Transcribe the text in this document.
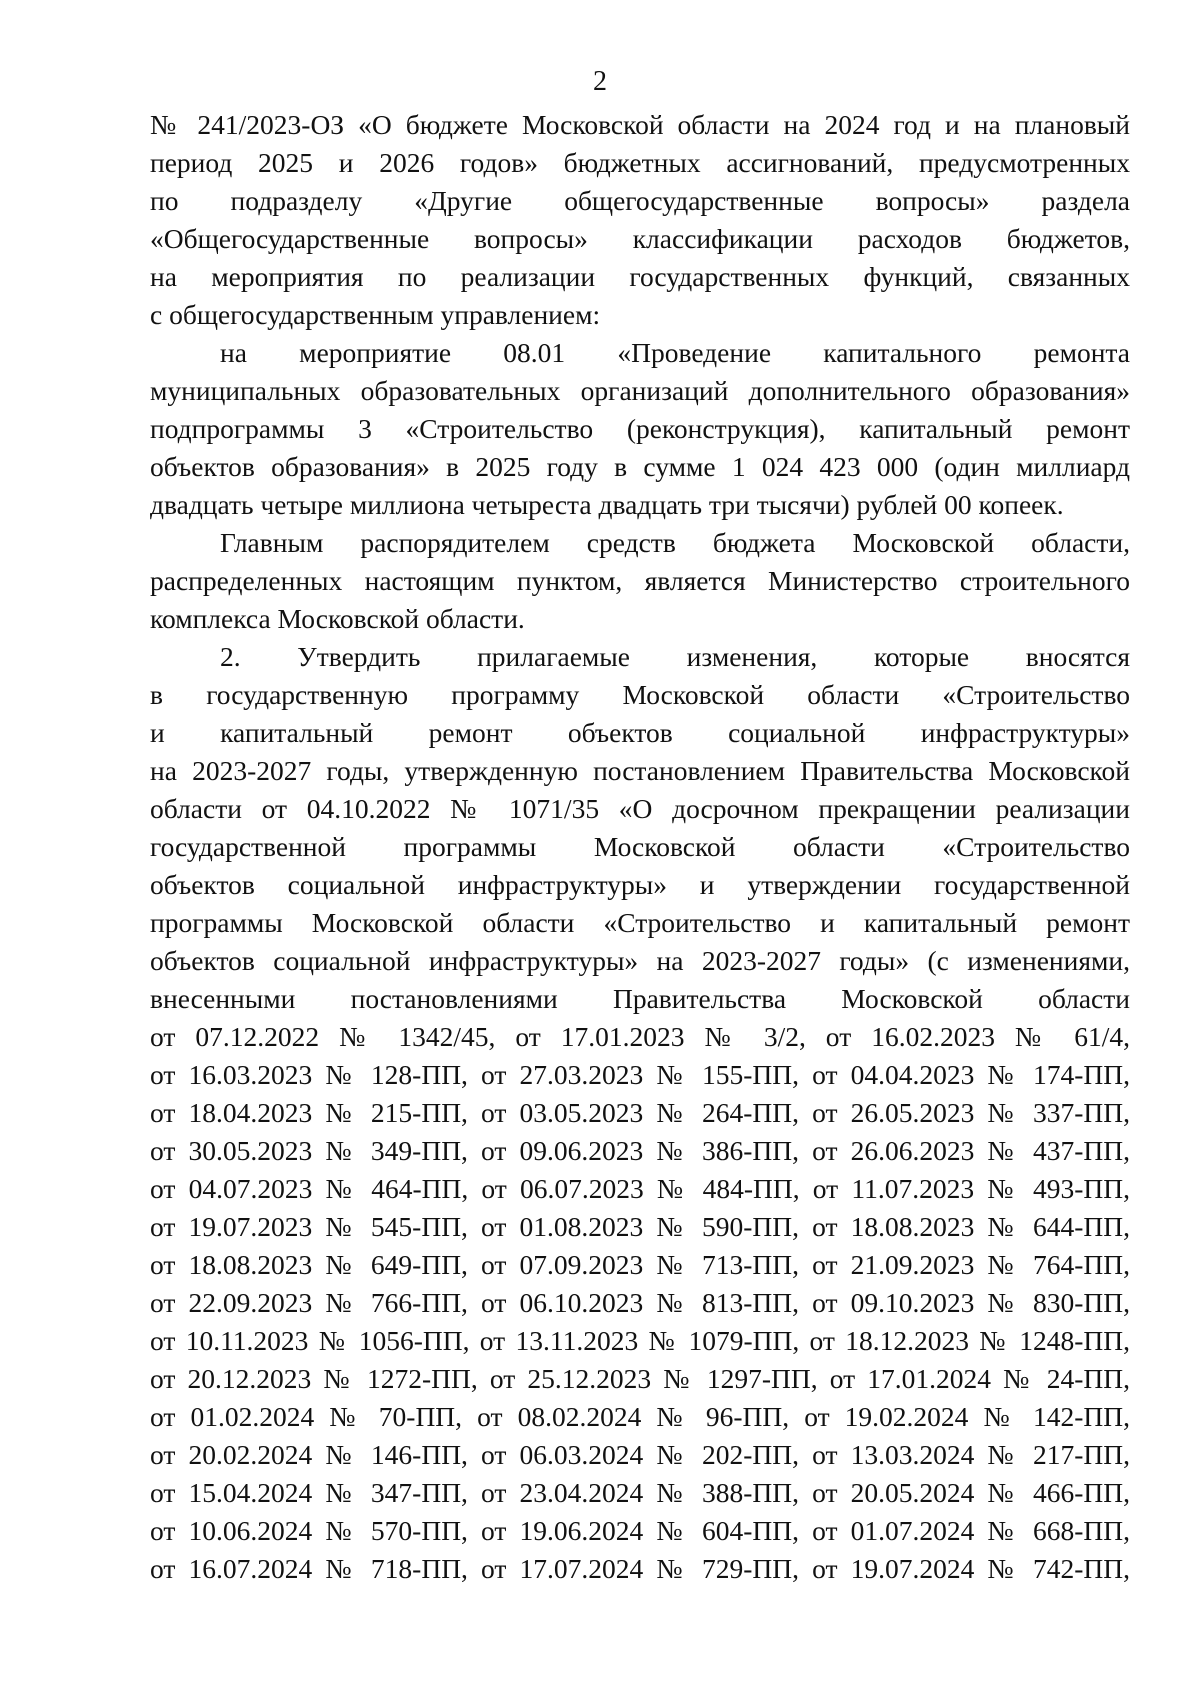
2

№ 241/2023-ОЗ «О бюджете Московской области на 2024 год и на плановый
период 2025 и 2026 годов» бюджетных ассигнований, предусмотренных
по подразделу «Другие общегосударственные вопросы» раздела
«Общегосударственные вопросы» классификации расходов бюджетов,
на мероприятия по реализации государственных функций, связанных
с общегосударственным управлением:

на мероприятие 08.01 «Проведение капитального ремонта
муниципальных образовательных организаций дополнительного образования»
подпрограммы 3 «Строительство (реконструкция), капитальный ремонт
объектов образования» в 2025 году в сумме 1 024 423 000 (один миллиард
двадцать четыре миллиона четыреста двадцать три тысячи) рублей 00 копеек.

Главным распорядителем средств бюджета Московской области,
распределенных настоящим пунктом, является Министерство строительного
комплекса Московской области.

2. Утвердить прилагаемые изменения, которые вносятся
в государственную программу Московской области «Строительство
и капитальный ремонт объектов социальной инфраструктуры»
на 2023-2027 годы, утвержденную постановлением Правительства Московской
области от 04.10.2022 № 1071/35 «О досрочном прекращении реализации
государственной программы Московской области «Строительство
объектов социальной инфраструктуры» и утверждении государственной
программы Московской области «Строительство и капитальный ремонт
объектов социальной инфраструктуры» на 2023-2027 годы» (с изменениями,
внесенными постановлениями Правительства Московской области
от 07.12.2022 № 1342/45, от 17.01.2023 № 3/2, от 16.02.2023 № 61/4,
от 16.03.2023 № 128-ПП, от 27.03.2023 № 155-ПП, от 04.04.2023 № 174-ПП,
от 18.04.2023 № 215-ПП, от 03.05.2023 № 264-ПП, от 26.05.2023 № 337-ПП,
от 30.05.2023 № 349-ПП, от 09.06.2023 № 386-ПП, от 26.06.2023 № 437-ПП,
от 04.07.2023 № 464-ПП, от 06.07.2023 № 484-ПП, от 11.07.2023 № 493-ПП,
от 19.07.2023 № 545-ПП, от 01.08.2023 № 590-ПП, от 18.08.2023 № 644-ПП,
от 18.08.2023 № 649-ПП, от 07.09.2023 № 713-ПП, от 21.09.2023 № 764-ПП,
от 22.09.2023 № 766-ПП, от 06.10.2023 № 813-ПП, от 09.10.2023 № 830-ПП,
от 10.11.2023 № 1056-ПП, от 13.11.2023 № 1079-ПП, от 18.12.2023 № 1248-ПП,
от 20.12.2023 № 1272-ПП, от 25.12.2023 № 1297-ПП, от 17.01.2024 № 24-ПП,
от 01.02.2024 № 70-ПП, от 08.02.2024 № 96-ПП, от 19.02.2024 № 142-ПП,
от 20.02.2024 № 146-ПП, от 06.03.2024 № 202-ПП, от 13.03.2024 № 217-ПП,
от 15.04.2024 № 347-ПП, от 23.04.2024 № 388-ПП, от 20.05.2024 № 466-ПП,
от 10.06.2024 № 570-ПП, от 19.06.2024 № 604-ПП, от 01.07.2024 № 668-ПП,
от 16.07.2024 № 718-ПП, от 17.07.2024 № 729-ПП, от 19.07.2024 № 742-ПП,
